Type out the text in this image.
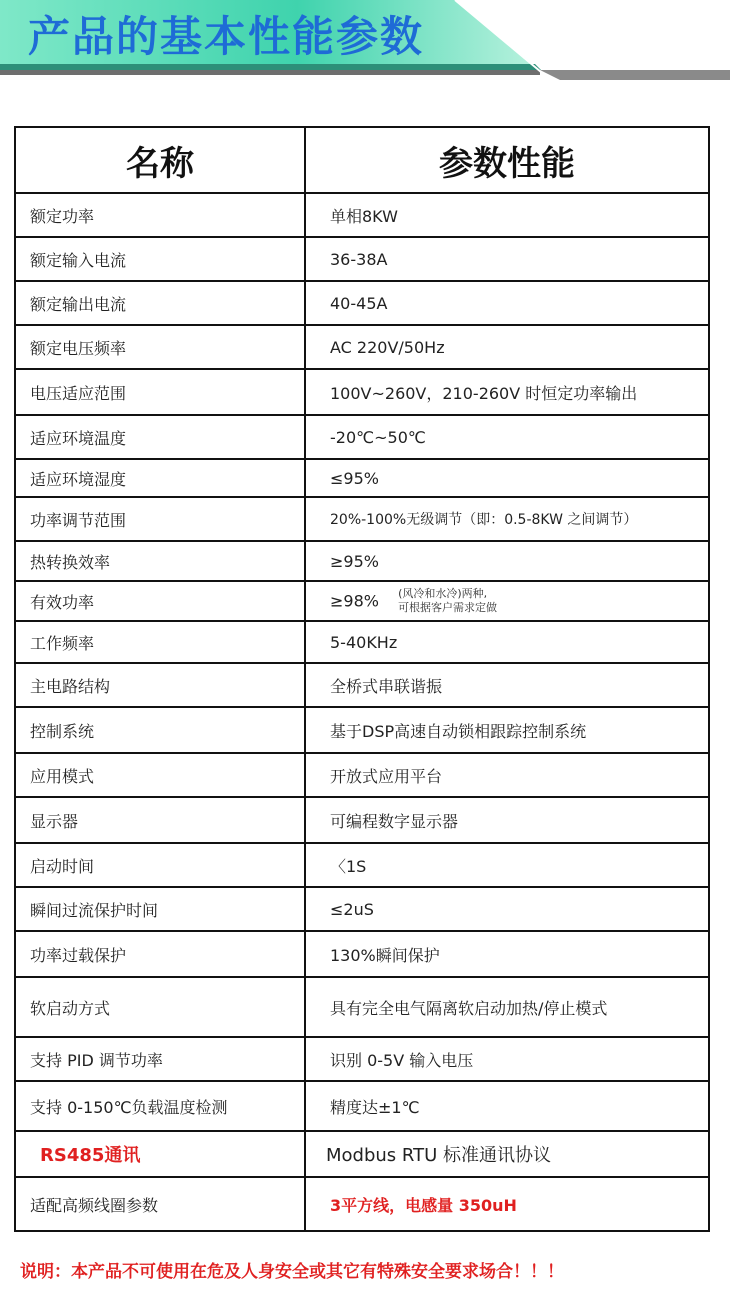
产品的基本性能参数
名称	参数性能
额定功率	单相8KW
额定输入电流	36-38A
额定输出电流	40-45A
额定电压频率	AC 220V/50Hz
电压适应范围	100V~260V，210-260V 时恒定功率输出
适应环境温度	-20℃~50℃
适应环境湿度	≤95%
功率调节范围	20%-100%无级调节（即：0.5-8KW 之间调节）
热转换效率	≥95%
有效功率	≥98% (风冷和水冷)两种,
可根据客户需求定做
工作频率	5-40KHz
主电路结构	全桥式串联谐振
控制系统	基于DSP高速自动锁相跟踪控制系统
应用模式	开放式应用平台
显示器	可编程数字显示器
启动时间	〈1S
瞬间过流保护时间	≤2uS
功率过载保护	130%瞬间保护
软启动方式	具有完全电气隔离软启动加热/停止模式
支持 PID 调节功率	识别 0-5V 输入电压
支持 0-150℃负载温度检测	精度达±1℃
RS485通讯	Modbus RTU 标准通讯协议
适配高频线圈参数	3平方线，电感量 350uH
说明：本产品不可使用在危及人身安全或其它有特殊安全要求场合！！！
